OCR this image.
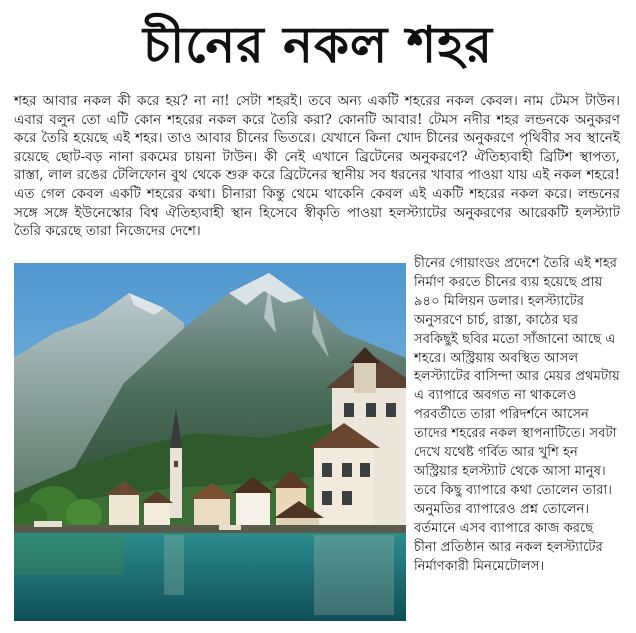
চীনের নকল শহর
শহর আবার নকল কী করে হয়? না না! সেটা শহরই। তবে অন্য একটি শহরের নকল কেবল। নাম টেমস টাউন। এবার বলুন তো এটি কোন শহরের নকল করে তৈরি করা? কোনটি আবার! টেমস নদীর শহর লন্ডনকে অনুকরণ করে তৈরি হয়েছে এই শহর। তাও আবার চীনের ভিতরে। যেখানে কিনা খোদ চীনের অনুকরণে পৃথিবীর সব স্থানেই রয়েছে ছোট-বড় নানা রকমের চায়না টাউন। কী নেই এখানে ব্রিটেনের অনুকরণে? ঐতিহ্যবাহী ব্রিটিশ স্থাপত্য, রাস্তা, লাল রঙের টেলিফোন বুথ থেকে শুরু করে ব্রিটেনের স্থানীয় সব ধরনের খাবার পাওয়া যায় এই নকল শহরে! এত গেল কেবল একটি শহরের কথা। চীনারা কিন্তু থেমে থাকেনি কেবল এই একটি শহরের নকল করে। লন্ডনের সঙ্গে সঙ্গে ইউনেস্কোর বিশ্ব ঐতিহ্যবাহী স্থান হিসেবে স্বীকৃতি পাওয়া হলস্ট্যাটের অনুকরণের আরেকটি হলস্ট্যাট তৈরি করেছে তারা নিজেদের দেশে।
চীনের গোয়াংডং প্রদেশে তৈরি এই শহর নির্মাণ করতে চীনের ব্যয় হয়েছে প্রায় ৯৪০ মিলিয়ন ডলার। হলস্ট্যাটের অনুসরণে চার্চ, রাস্তা, কাঠের ঘর সবকিছুই ছবির মতো সাঁজানো আছে এ শহরে। অস্ট্রিয়ায় অবস্থিত আসল হলস্ট্যাটের বাসিন্দা আর মেয়র প্রথমটায় এ ব্যাপারে অবগত না থাকলেও পরবর্তীতে তারা পরিদর্শনে আসেন তাদের শহরের নকল স্থাপনাটিতে। সবটা দেখে যথেষ্ট গর্বিত আর খুশি হন অস্ট্রিয়ার হলস্ট্যাট থেকে আসা মানুষ। তবে কিছু ব্যাপারে কথা তোলেন তারা। অনুমতির ব্যাপারেও প্রশ্ন তোলেন। বর্তমানে এসব ব্যাপারে কাজ করছে চীনা প্রতিষ্ঠান আর নকল হলস্ট্যাটের নির্মাণকারী মিনমেটোলস।
